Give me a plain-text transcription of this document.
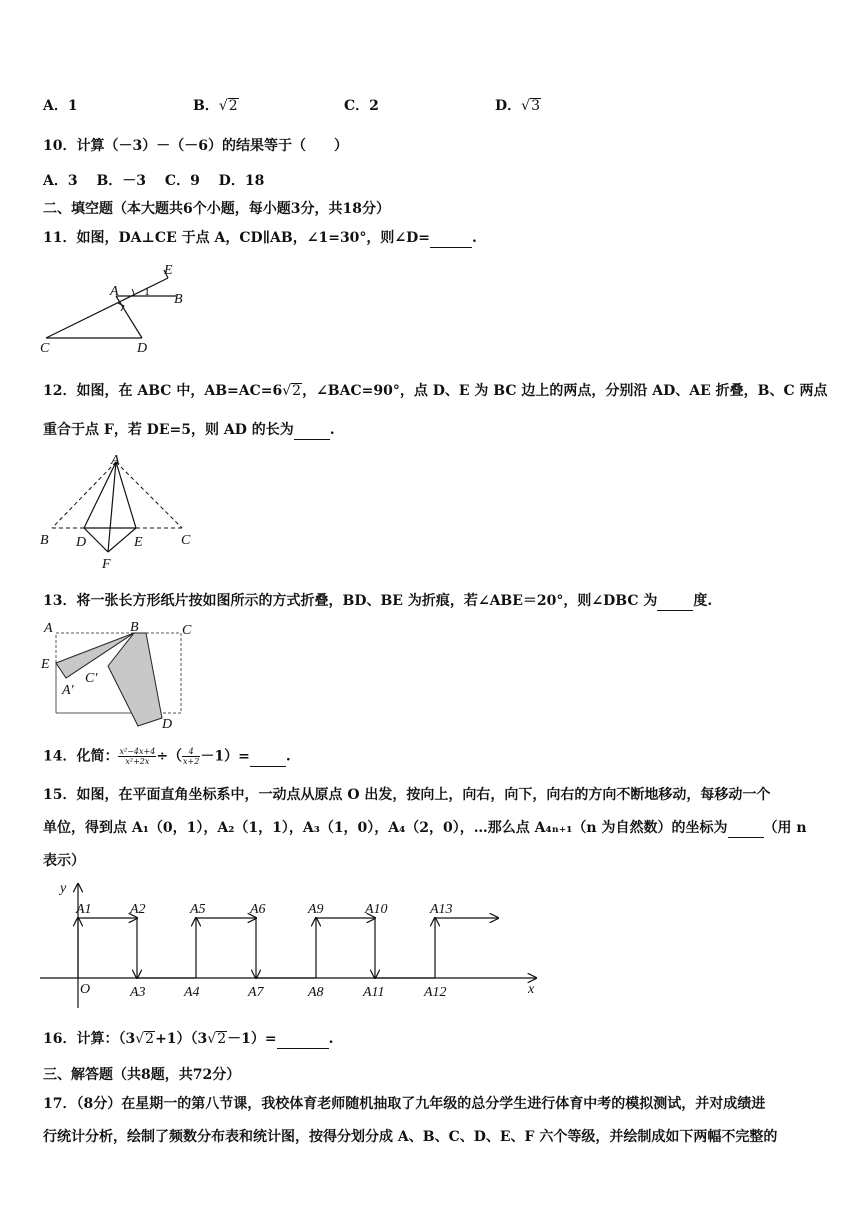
A．1	B．√2	C．2	D．√3
10．计算（－3）－（－6）的结果等于（　　）
A．3　 B．－3　 C．9　 D．18
二、填空题（本大题共6个小题，每小题3分，共18分）
11．如图，DA⊥CE 于点 A，CD∥AB，∠1=30°，则∠D=	.
E
A 1
B
C	D
12．如图，在 ABC 中，AB=AC=6√2，∠BAC=90°，点 D、E 为 BC 边上的两点，分别沿 AD、AE 折叠，B、C 两点
重合于点 F，若 DE=5，则 AD 的长为	.
A
B D	E	C
F
13．将一张长方形纸片按如图所示的方式折叠，BD、BE 为折痕，若∠ABE＝20°，则∠DBC 为	度.
A	B	C
E
C'
A'
D
14．化简： $\frac{\text{x²−4x+4}}{\text{x²+2x}}$ ÷（ $\frac{4}{x+2} -1)=$	.
15．如图，在平面直角坐标系中，一动点从原点 O 出发，按向上，向右，向下，向右的方向不断地移动，每移动一个
单位，得到点 A₁（0，1），A₂（1，1），A₃（1，0），A₄（2，0），…那么点 A₄ₙ₊₁（n 为自然数）的坐标为	（用 n
表示）
y
A1	A2	A5	A6	A9	A10	A13
O	A3	A4	A7	A8	A11	A12	x
16．计算：（3√2+1）（3√2－1）=	.
三、解答题（共8题，共72分）
17．（8分）在星期一的第八节课，我校体育老师随机抽取了九年级的总分学生进行体育中考的模拟测试，并对成绩进
行统计分析，绘制了频数分布表和统计图，按得分划分成 A、B、C、D、E、F 六个等级，并绘制成如下两幅不完整的
